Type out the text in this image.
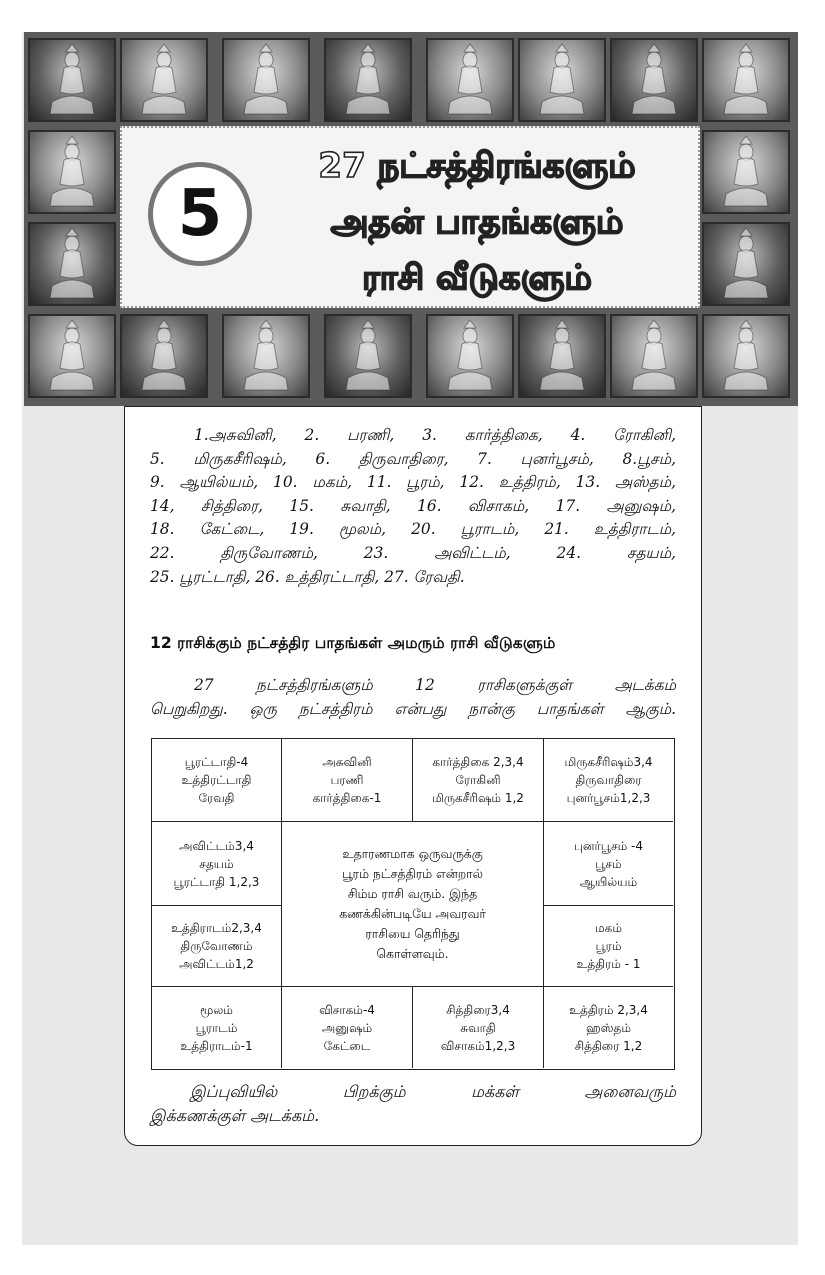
5
27 நட்சத்திரங்களும்
அதன் பாதங்களும்
ராசி வீடுகளும்
1.அசுவினி, 2. பரணி, 3. கார்த்திகை, 4. ரோகினி,
5. மிருகசீரிஷம், 6. திருவாதிரை, 7. புனர்பூசம், 8.பூசம்,
9. ஆயில்யம், 10. மகம், 11. பூரம், 12. உத்திரம், 13. அஸ்தம்,
14, சித்திரை, 15. சுவாதி, 16. விசாகம், 17. அனுஷம்,
18. கேட்டை, 19. மூலம், 20. பூராடம், 21. உத்திராடம்,
22. திருவோணம், 23. அவிட்டம், 24. சதயம்,
25. பூரட்டாதி, 26. உத்திரட்டாதி, 27. ரேவதி.
12 ராசிக்கும் நட்சத்திர பாதங்கள் அமரும் ராசி வீடுகளும்
27 நட்சத்திரங்களும் 12 ராசிகளுக்குள் அடக்கம்
பெறுகிறது. ஒரு நட்சத்திரம் என்பது நான்கு பாதங்கள் ஆகும்.
பூரட்டாதி-4
உத்திரட்டாதி
ரேவதி
அசுவினி
பரணி
கார்த்திகை-1
கார்த்திகை 2,3,4
ரோகினி
மிருகசீரிஷம் 1,2
மிருகசீரிஷம்3,4
திருவாதிரை
புனர்பூசம்1,2,3
அவிட்டம்3,4
சதயம்
பூரட்டாதி 1,2,3
உதாரணமாக ஒருவருக்கு
பூரம் நட்சத்திரம் என்றால்
சிம்ம ராசி வரும். இந்த
கணக்கின்படியே அவரவர்
ராசியை தெரிந்து
கொள்ளவும்.
புனர்பூசம் -4
பூசம்
ஆயில்யம்
உத்திராடம்2,3,4
திருவோணம்
அவிட்டம்1,2
மகம்
பூரம்
உத்திரம் - 1
மூலம்
பூராடம்
உத்திராடம்-1
விசாகம்-4
அனுஷம்
கேட்டை
சித்திரை3,4
சுவாதி
விசாகம்1,2,3
உத்திரம் 2,3,4
ஹஸ்தம்
சித்திரை 1,2
இப்புவியில் பிறக்கும் மக்கள் அனைவரும்
இக்கணக்குள் அடக்கம்.
